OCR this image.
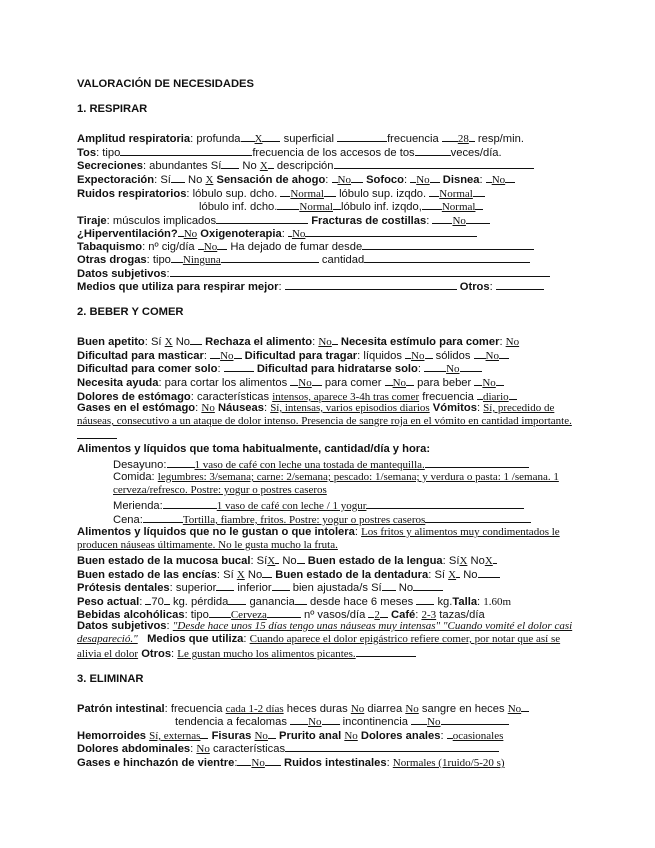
VALORACIÓN DE NECESIDADES
1. RESPIRAR
Amplitud respiratoria: profunda X superficial	frecuencia 28 resp/min.
Tos: tipo	frecuencia de los accesos de tos	veces/día.
Secreciones: abundantes Sí No X descripción
Expectoración: Sí No X Sensación de ahogo: No Sofoco: No Disnea: No
Ruidos respiratorios: lóbulo sup. dcho. Normal lóbulo sup. izqdo. Normal
lóbulo inf. dcho. Normal lóbulo inf. izqdo, Normal
Tiraje: músculos implicados	Fracturas de costillas: No
¿Hiperventilación? No Oxigenoterapia: No
Tabaquismo: nº cig/día No Ha dejado de fumar desde
Otras drogas: tipo Ninguna	cantidad
Datos subjetivos:
Medios que utiliza para respirar mejor:	Otros:
2. BEBER Y COMER
Buen apetito: Sí X No Rechaza el alimento: No Necesita estímulo para comer: No
Dificultad para masticar: No Dificultad para tragar: líquidos No sólidos No
Dificultad para comer solo:	Dificultad para hidratarse solo: No
Necesita ayuda: para cortar los alimentos No para comer No para beber No
Dolores de estómago: características intensos, aparece 3-4h tras comer frecuencia diario
Gases en el estómago: No Náuseas: Sí, intensas, varios episodios diarios Vómitos: Sí, precedido de náuseas, consecutivo a un ataque de dolor intenso. Presencia de sangre roja en el vómito en cantidad importante.
Alimentos y líquidos que toma habitualmente, cantidad/día y hora:
Desayuno:	1 vaso de café con leche una tostada de mantequilla.
Comida: legumbres: 3/semana; carne: 2/semana; pescado: 1/semana; y verdura o pasta: 1 /semana. 1 cerveza/refresco. Postre: yogur o postres caseros
Merienda:	1 vaso de café con leche / 1 yogur
Cena:	Tortilla, fiambre, fritos. Postre: yogur o postres caseros
Alimentos y líquidos que no le gustan o que intolera: Los fritos y alimentos muy condimentados le producen náuseas últimamente. No le gusta mucho la fruta.
Buen estado de la mucosa bucal: SíX No Buen estado de la lengua: SíX NoX
Buen estado de las encías: Sí X No Buen estado de la dentadura: Sí X No
Prótesis dentales: superior inferior bien ajustada/s Sí No
Peso actual: 70 kg. pérdida ganancia desde hace 6 meses kg.Talla: 1.60m
Bebidas alcohólicas: tipo Cerveza	nº vasos/día 2 Café: 2-3 tazas/día
Datos subjetivos: "Desde hace unos 15 días tengo unas náuseas muy intensas" "Cuando vomité el dolor casi desapareció." Medios que utiliza: Cuando aparece el dolor epigástrico refiere comer, por notar que así se alivia el dolor Otros: Le gustan mucho los alimentos picantes.
3. ELIMINAR
Patrón intestinal: frecuencia cada 1-2 días heces duras No diarrea No sangre en heces No
tendencia a fecalomas No incontinencia No
Hemorroides Sí, externas Fisuras No Prurito anal No Dolores anales: ocasionales
Dolores abdominales: No características
Gases e hinchazón de vientre: No Ruidos intestinales: Normales (1ruido/5-20 s)
